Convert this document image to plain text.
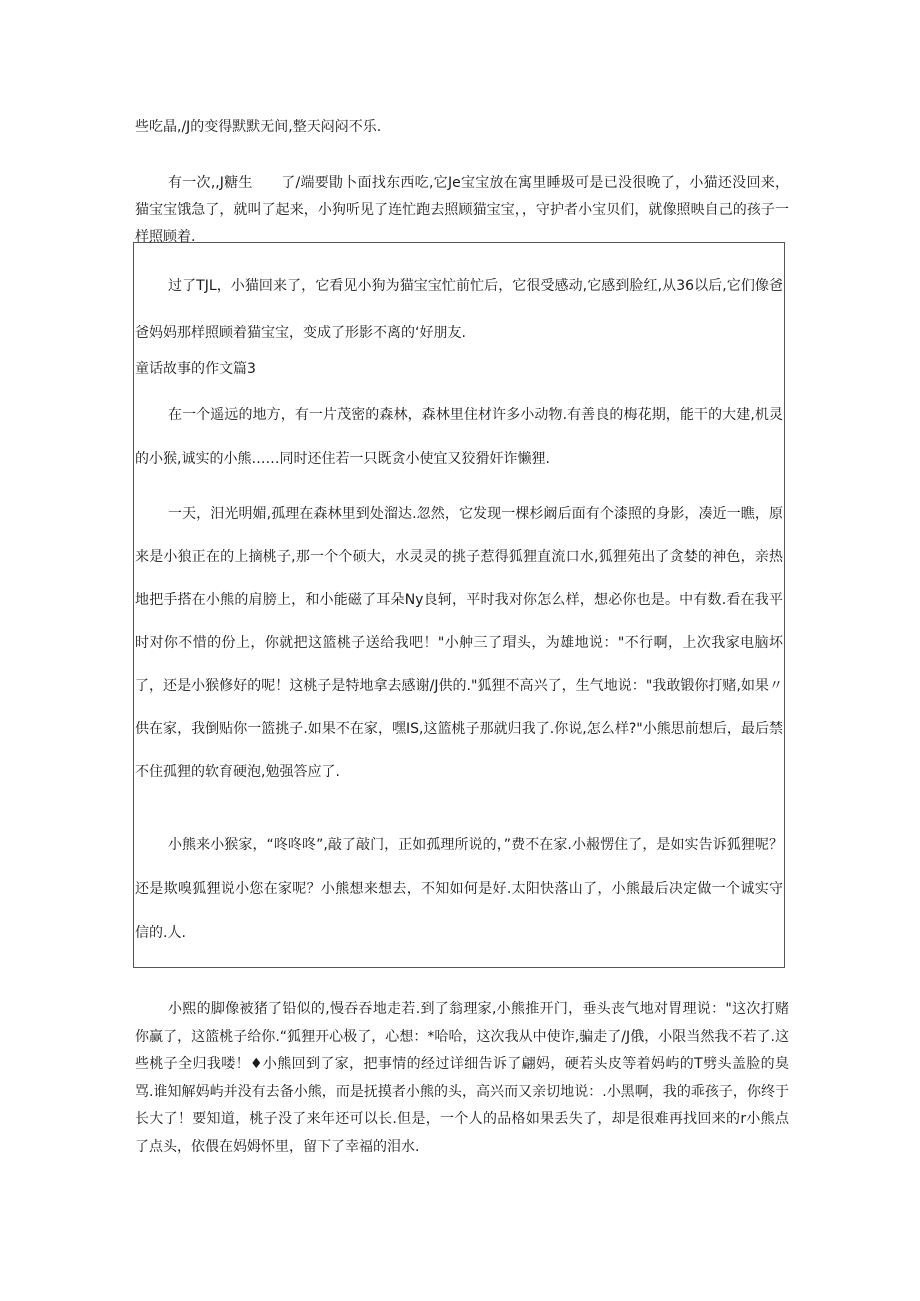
些吃晶,/J的变得默默无间,整天闷闷不乐.

有一次,,J糖生　　了/端要勖卜面找东西吃,它Je宝宝放在寓里睡圾可是已没很晚了，小猫还没回来，猫宝宝饿急了，就叫了起来，小狗听见了连忙跑去照顾猫宝宝，，守护者小宝贝们，就像照映自己的孩子一样照顾着.

过了TJL，小猫回来了，它看见小狗为猫宝宝忙前忙后，它很受感动,它感到脸红,从36以后,它们像爸爸妈妈那样照顾着猫宝宝，变成了形影不离的‘好朋友.

童话故事的作文篇3

在一个遥远的地方，有一片茂密的森林，森林里住材许多小动物.有善良的梅花期，能干的大建,机灵的小猴,诚实的小熊……同时还住若一只既贪小使宜又狡猾奸诈懒狸.

一天，汨光明媚,孤理在森林里到处溜达.忽然，它发现一棵杉阚后面有个漆照的身影，凑近一瞧，原来是小狼正在的上摘桃子,那一个个硕大，水灵灵的挑子惹得狐狸直流口水,狐狸苑出了贪婪的神色，亲热地把手搭在小熊的肩膀上，和小能磁了耳朵Ny良轲，平时我对你怎么样，想必你也是。中有数.看在我平时对你不惜的份上，你就把这篮桃子送给我吧！"小舯三了瑁头，为雄地说："不行啊，上次我家电脑坏了，还是小猴修好的呢！这桃子是特地拿去感谢/J供的."狐狸不高兴了，生气地说："我敢锻你打赌,如果〃供在家，我倒贴你一篮挑子.如果不在家，嘿IS,这篮桃子那就归我了.你说,怎么样?"小熊思前想后，最后禁不住孤狸的软育硬泡,勉强答应了.

小熊来小猴家，“咚咚咚”,敲了敲门，正如孤理所说的，”费不在家.小赧愣住了，是如实告诉狐狸呢？还是欺嗅狐狸说小您在家呢？小熊想来想去，不知如何是好.太阳快落山了，小熊最后决定做一个诚实守信的.人.

小熙的脚像被猪了铅似的,慢吞吞地走若.到了翁理家,小熊推开门，垂头丧气地对胃理说："这次打赌你赢了，这篮桃子给你.“狐狸开心极了，心想：*哈哈，这次我从中使诈,骗走了/J俄，小限当然我不若了.这些桃子全归我喽！♦小熊回到了家，把事情的经过详细告诉了翩妈，硬若头皮等着妈屿的T劈头盖脸的臭骂.谁知解妈屿并没有去备小熊，而是抚摸者小熊的头，高兴而又亲切地说：.小黑啊，我的乖孩子，你终于长大了！要知道，桃子没了来年还可以长.但是，一个人的品格如果丢失了，却是很难再找回来的r小熊点了点头，依偎在妈姆怀里，留下了幸福的泪水.
